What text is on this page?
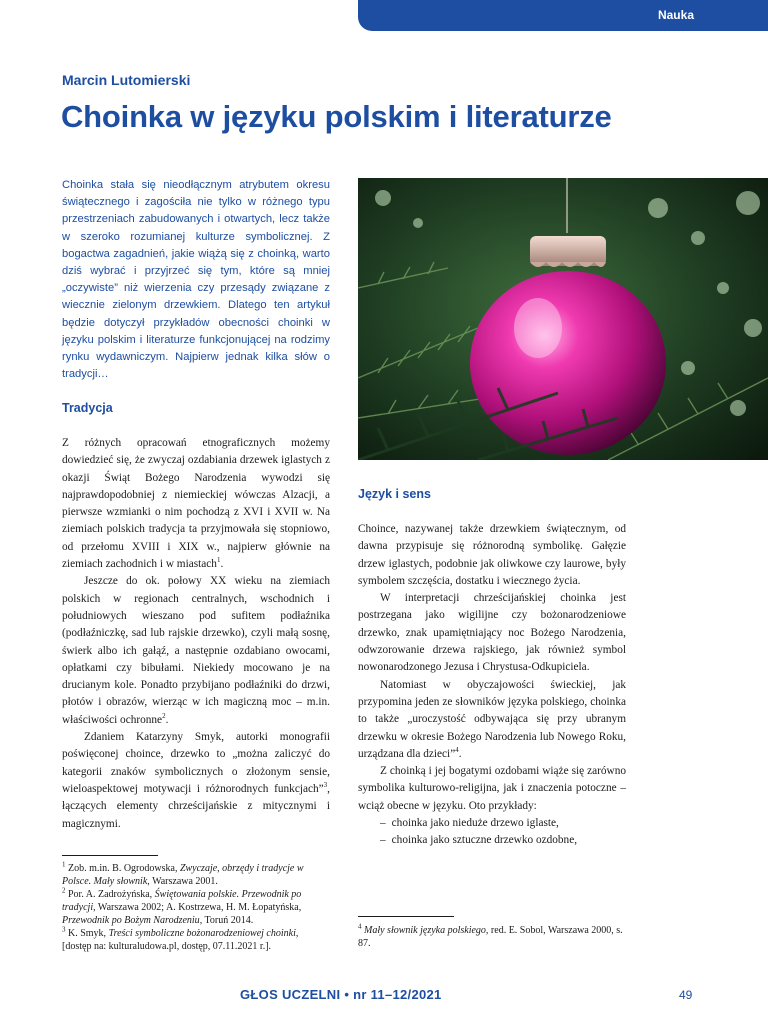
Nauka
Marcin Lutomierski
Choinka w języku polskim i literaturze

Choinka stała się nieodłącznym atrybutem okresu świątecznego i zagościła nie tylko w różnego typu przestrzeniach zabudowanych i otwartych, lecz także w szeroko rozumianej kulturze symbolicznej. Z bogactwa zagadnień, jakie wiążą się z choinką, warto dziś wybrać i przyjrzeć się tym, które są mniej „oczywiste” niż wierzenia czy przesądy związane z wiecznie zielonym drzewkiem. Dlatego ten artykuł będzie dotyczył przykładów obecności choinki w języku polskim i literaturze funkcjonującej na rodzimy rynku wydawniczym. Najpierw jednak kilka słów o tradycji…

Tradycja

Z różnych opracowań etnograficznych możemy dowiedzieć się, że zwyczaj ozdabiania drzewek iglastych z okazji Świąt Bożego Narodzenia wywodzi się najprawdopodobniej z niemieckiej wówczas Alzacji, a pierwsze wzmianki o nim pochodzą z XVI i XVII w. Na ziemiach polskich tradycja ta przyjmowała się stopniowo, od przełomu XVIII i XIX w., najpierw głównie na ziemiach zachodnich i w miastach$^1$.

Jeszcze do ok. połowy XX wieku na ziemiach polskich w regionach centralnych, wschodnich i południowych wieszano pod sufitem podłaźnika (podłaźniczkę, sad lub rajskie drzewko), czyli małą sosnę, świerk albo ich gałąź, a następnie ozdabiano owocami, opłatkami czy bibułami. Niekiedy mocowano je na drucianym kole. Ponadto przybijano podłaźniki do drzwi, płotów i obrazów, wierząc w ich magiczną moc – m.in. właściwości ochronne$^2$.

Zdaniem Katarzyny Smyk, autorki monografii poświęconej choince, drzewko to „można zaliczyć do kategorii znaków symbolicznych o złożonym sensie, wieloaspektowej motywacji i różnorodnych funkcjach”$^3$, łączących elementy chrześcijańskie z mitycznymi i magicznymi.

$^1$ Zob. m.in. B. Ogrodowska, Zwyczaje, obrzędy i tradycje w Polsce. Mały słownik, Warszawa 2001.

$^2$ Por. A. Zadrożyńska, Świętowania polskie. Przewodnik po tradycji, Warszawa 2002; A. Kostrzewa, H. M. Łopatyńska, Przewodnik po Bożym Narodzeniu, Toruń 2014.

$^3$ K. Smyk, Treści symboliczne bożonarodzeniowej choinki, [dostęp na: kulturaludowa.pl, dostęp, 07.11.2021 r.].

Język i sens

Choince, nazywanej także drzewkiem świątecznym, od dawna przypisuje się różnorodną symbolikę. Gałęzie drzew iglastych, podobnie jak oliwkowe czy laurowe, były symbolem szczęścia, dostatku i wiecznego życia.

W interpretacji chrześcijańskiej choinka jest postrzegana jako wigilijne czy bożonarodzeniowe drzewko, znak upamiętniający noc Bożego Narodzenia, odwzorowanie drzewa rajskiego, jak również symbol nowonarodzonego Jezusa i Chrystusa-Odkupiciela.

Natomiast w obyczajowości świeckiej, jak przypomina jeden ze słowników języka polskiego, choinka to także „uroczystość odbywająca się przy ubranym drzewku w okresie Bożego Narodzenia lub Nowego Roku, urządzana dla dzieci”$^4$.

Z choinką i jej bogatymi ozdobami wiąże się zarówno symbolika kulturowo-religijna, jak i znaczenia potoczne – wciąż obecne w języku. Oto przykłady:

– choinka jako nieduże drzewo iglaste,
– choinka jako sztuczne drzewko ozdobne,

$^4$ Mały słownik języka polskiego, red. E. Sobol, Warszawa 2000, s. 87.

GŁOS UCZELNI • nr 11–12/2021	49
